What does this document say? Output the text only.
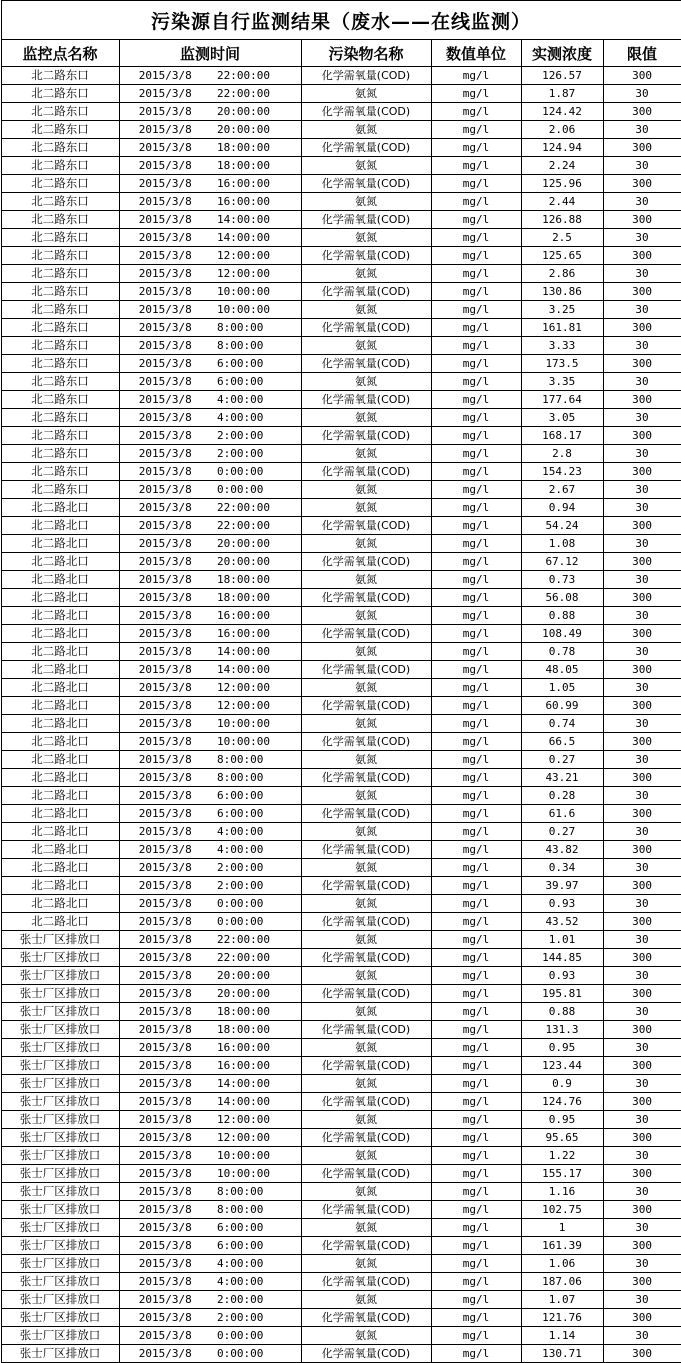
污染源自行监测结果（废水——在线监测）						
监控点名称	监测时间		污染物名称	数值单位	实测浓度	限值
北二路东口	2015/3/8	22:00:00	化学需氧量(COD)	mg/l	126.57	300
北二路东口	2015/3/8	22:00:00	氨氮	mg/l	1.87	30
北二路东口	2015/3/8	20:00:00	化学需氧量(COD)	mg/l	124.42	300
北二路东口	2015/3/8	20:00:00	氨氮	mg/l	2.06	30
北二路东口	2015/3/8	18:00:00	化学需氧量(COD)	mg/l	124.94	300
北二路东口	2015/3/8	18:00:00	氨氮	mg/l	2.24	30
北二路东口	2015/3/8	16:00:00	化学需氧量(COD)	mg/l	125.96	300
北二路东口	2015/3/8	16:00:00	氨氮	mg/l	2.44	30
北二路东口	2015/3/8	14:00:00	化学需氧量(COD)	mg/l	126.88	300
北二路东口	2015/3/8	14:00:00	氨氮	mg/l	2.5	30
北二路东口	2015/3/8	12:00:00	化学需氧量(COD)	mg/l	125.65	300
北二路东口	2015/3/8	12:00:00	氨氮	mg/l	2.86	30
北二路东口	2015/3/8	10:00:00	化学需氧量(COD)	mg/l	130.86	300
北二路东口	2015/3/8	10:00:00	氨氮	mg/l	3.25	30
北二路东口	2015/3/8	8:00:00	化学需氧量(COD)	mg/l	161.81	300
北二路东口	2015/3/8	8:00:00	氨氮	mg/l	3.33	30
北二路东口	2015/3/8	6:00:00	化学需氧量(COD)	mg/l	173.5	300
北二路东口	2015/3/8	6:00:00	氨氮	mg/l	3.35	30
北二路东口	2015/3/8	4:00:00	化学需氧量(COD)	mg/l	177.64	300
北二路东口	2015/3/8	4:00:00	氨氮	mg/l	3.05	30
北二路东口	2015/3/8	2:00:00	化学需氧量(COD)	mg/l	168.17	300
北二路东口	2015/3/8	2:00:00	氨氮	mg/l	2.8	30
北二路东口	2015/3/8	0:00:00	化学需氧量(COD)	mg/l	154.23	300
北二路东口	2015/3/8	0:00:00	氨氮	mg/l	2.67	30
北二路北口	2015/3/8	22:00:00	氨氮	mg/l	0.94	30
北二路北口	2015/3/8	22:00:00	化学需氧量(COD)	mg/l	54.24	300
北二路北口	2015/3/8	20:00:00	氨氮	mg/l	1.08	30
北二路北口	2015/3/8	20:00:00	化学需氧量(COD)	mg/l	67.12	300
北二路北口	2015/3/8	18:00:00	氨氮	mg/l	0.73	30
北二路北口	2015/3/8	18:00:00	化学需氧量(COD)	mg/l	56.08	300
北二路北口	2015/3/8	16:00:00	氨氮	mg/l	0.88	30
北二路北口	2015/3/8	16:00:00	化学需氧量(COD)	mg/l	108.49	300
北二路北口	2015/3/8	14:00:00	氨氮	mg/l	0.78	30
北二路北口	2015/3/8	14:00:00	化学需氧量(COD)	mg/l	48.05	300
北二路北口	2015/3/8	12:00:00	氨氮	mg/l	1.05	30
北二路北口	2015/3/8	12:00:00	化学需氧量(COD)	mg/l	60.99	300
北二路北口	2015/3/8	10:00:00	氨氮	mg/l	0.74	30
北二路北口	2015/3/8	10:00:00	化学需氧量(COD)	mg/l	66.5	300
北二路北口	2015/3/8	8:00:00	氨氮	mg/l	0.27	30
北二路北口	2015/3/8	8:00:00	化学需氧量(COD)	mg/l	43.21	300
北二路北口	2015/3/8	6:00:00	氨氮	mg/l	0.28	30
北二路北口	2015/3/8	6:00:00	化学需氧量(COD)	mg/l	61.6	300
北二路北口	2015/3/8	4:00:00	氨氮	mg/l	0.27	30
北二路北口	2015/3/8	4:00:00	化学需氧量(COD)	mg/l	43.82	300
北二路北口	2015/3/8	2:00:00	氨氮	mg/l	0.34	30
北二路北口	2015/3/8	2:00:00	化学需氧量(COD)	mg/l	39.97	300
北二路北口	2015/3/8	0:00:00	氨氮	mg/l	0.93	30
北二路北口	2015/3/8	0:00:00	化学需氧量(COD)	mg/l	43.52	300
张士厂区排放口	2015/3/8	22:00:00	氨氮	mg/l	1.01	30
张士厂区排放口	2015/3/8	22:00:00	化学需氧量(COD)	mg/l	144.85	300
张士厂区排放口	2015/3/8	20:00:00	氨氮	mg/l	0.93	30
张士厂区排放口	2015/3/8	20:00:00	化学需氧量(COD)	mg/l	195.81	300
张士厂区排放口	2015/3/8	18:00:00	氨氮	mg/l	0.88	30
张士厂区排放口	2015/3/8	18:00:00	化学需氧量(COD)	mg/l	131.3	300
张士厂区排放口	2015/3/8	16:00:00	氨氮	mg/l	0.95	30
张士厂区排放口	2015/3/8	16:00:00	化学需氧量(COD)	mg/l	123.44	300
张士厂区排放口	2015/3/8	14:00:00	氨氮	mg/l	0.9	30
张士厂区排放口	2015/3/8	14:00:00	化学需氧量(COD)	mg/l	124.76	300
张士厂区排放口	2015/3/8	12:00:00	氨氮	mg/l	0.95	30
张士厂区排放口	2015/3/8	12:00:00	化学需氧量(COD)	mg/l	95.65	300
张士厂区排放口	2015/3/8	10:00:00	氨氮	mg/l	1.22	30
张士厂区排放口	2015/3/8	10:00:00	化学需氧量(COD)	mg/l	155.17	300
张士厂区排放口	2015/3/8	8:00:00	氨氮	mg/l	1.16	30
张士厂区排放口	2015/3/8	8:00:00	化学需氧量(COD)	mg/l	102.75	300
张士厂区排放口	2015/3/8	6:00:00	氨氮	mg/l	1	30
张士厂区排放口	2015/3/8	6:00:00	化学需氧量(COD)	mg/l	161.39	300
张士厂区排放口	2015/3/8	4:00:00	氨氮	mg/l	1.06	30
张士厂区排放口	2015/3/8	4:00:00	化学需氧量(COD)	mg/l	187.06	300
张士厂区排放口	2015/3/8	2:00:00	氨氮	mg/l	1.07	30
张士厂区排放口	2015/3/8	2:00:00	化学需氧量(COD)	mg/l	121.76	300
张士厂区排放口	2015/3/8	0:00:00	氨氮	mg/l	1.14	30
张士厂区排放口	2015/3/8	0:00:00	化学需氧量(COD)	mg/l	130.71	300
